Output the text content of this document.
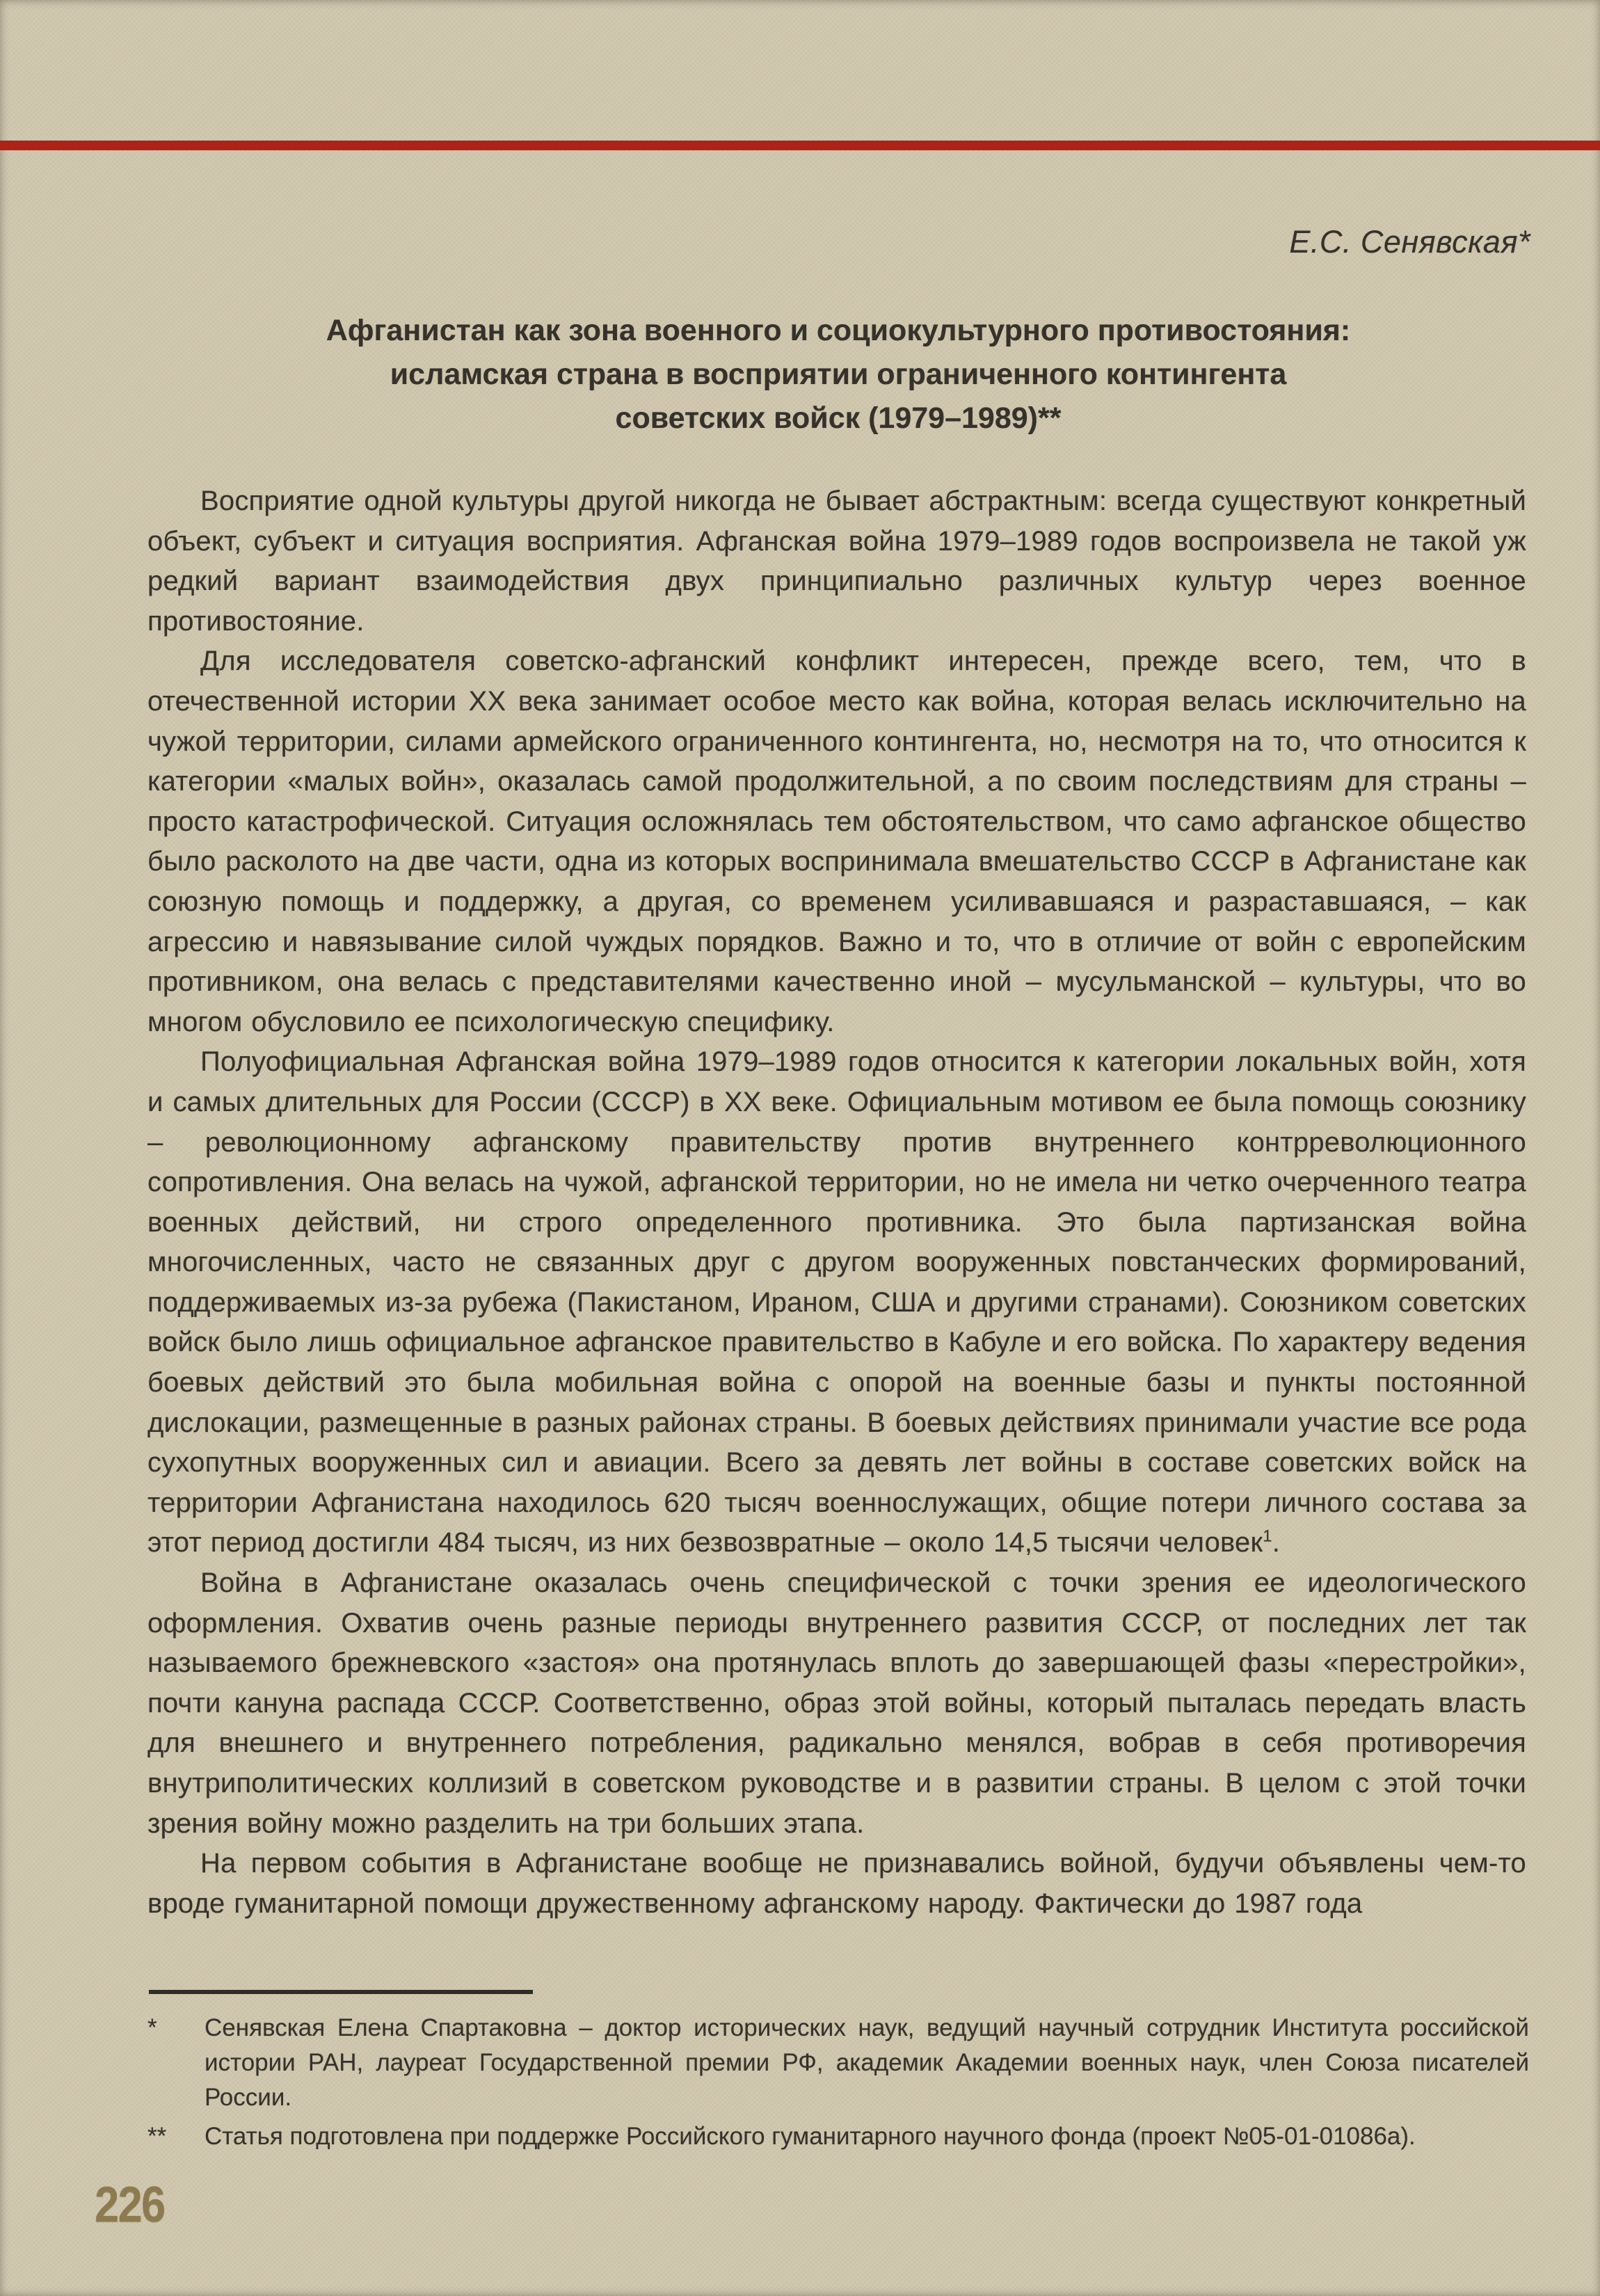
Е.С. Сенявская*
Афганистан как зона военного и социокультурного противостояния:
исламская страна в восприятии ограниченного контингента
советских войск (1979–1989)**

Восприятие одной культуры другой никогда не бывает абстрактным: всегда существуют конкретный объект, субъект и ситуация восприятия. Афганская война 1979–1989 годов воспроизвела не такой уж редкий вариант взаимодействия двух принципиально различных культур через военное противостояние.

Для исследователя советско-афганский конфликт интересен, прежде всего, тем, что в отечественной истории XX века занимает особое место как война, которая велась исключительно на чужой территории, силами армейского ограниченного контингента, но, несмотря на то, что относится к категории «малых войн», оказалась самой продолжительной, а по своим последствиям для страны – просто катастрофической. Ситуация осложнялась тем обстоятельством, что само афганское общество было расколото на две части, одна из которых воспринимала вмешательство СССР в Афганистане как союзную помощь и поддержку, а другая, со временем усиливавшаяся и разраставшаяся, – как агрессию и навязывание силой чуждых порядков. Важно и то, что в отличие от войн с европейским противником, она велась с представителями качественно иной – мусульманской – культуры, что во многом обусловило ее психологическую специфику.

Полуофициальная Афганская война 1979–1989 годов относится к категории локальных войн, хотя и самых длительных для России (СССР) в XX веке. Официальным мотивом ее была помощь союзнику – революционному афганскому правительству против внутреннего контрреволюционного сопротивления. Она велась на чужой, афганской территории, но не имела ни четко очерченного театра военных действий, ни строго определенного противника. Это была партизанская война многочисленных, часто не связанных друг с другом вооруженных повстанческих формирований, поддерживаемых из-за рубежа (Пакистаном, Ираном, США и другими странами). Союзником советских войск было лишь официальное афганское правительство в Кабуле и его войска. По характеру ведения боевых действий это была мобильная война с опорой на военные базы и пункты постоянной дислокации, размещенные в разных районах страны. В боевых действиях принимали участие все рода сухопутных вооруженных сил и авиации. Всего за девять лет войны в составе советских войск на территории Афганистана находилось 620 тысяч военнослужащих, общие потери личного состава за этот период достигли 484 тысяч, из них безвозвратные – около 14,5 тысячи человек$^1$.

Война в Афганистане оказалась очень специфической с точки зрения ее идеологического оформления. Охватив очень разные периоды внутреннего развития СССР, от последних лет так называемого брежневского «застоя» она протянулась вплоть до завершающей фазы «перестройки», почти кануна распада СССР. Соответственно, образ этой войны, который пыталась передать власть для внешнего и внутреннего потребления, радикально менялся, вобрав в себя противоречия внутриполитических коллизий в советском руководстве и в развитии страны. В целом с этой точки зрения войну можно разделить на три больших этапа.

На первом события в Афганистане вообще не признавались войной, будучи объявлены чем-то вроде гуманитарной помощи дружественному афганскому народу. Фактически до 1987 года

*	Сенявская Елена Спартаковна – доктор исторических наук, ведущий научный сотрудник Института российской истории РАН, лауреат Государственной премии РФ, академик Академии военных наук, член Союза писателей России.
**	Статья подготовлена при поддержке Российского гуманитарного научного фонда (проект №05-01-01086а).
226
